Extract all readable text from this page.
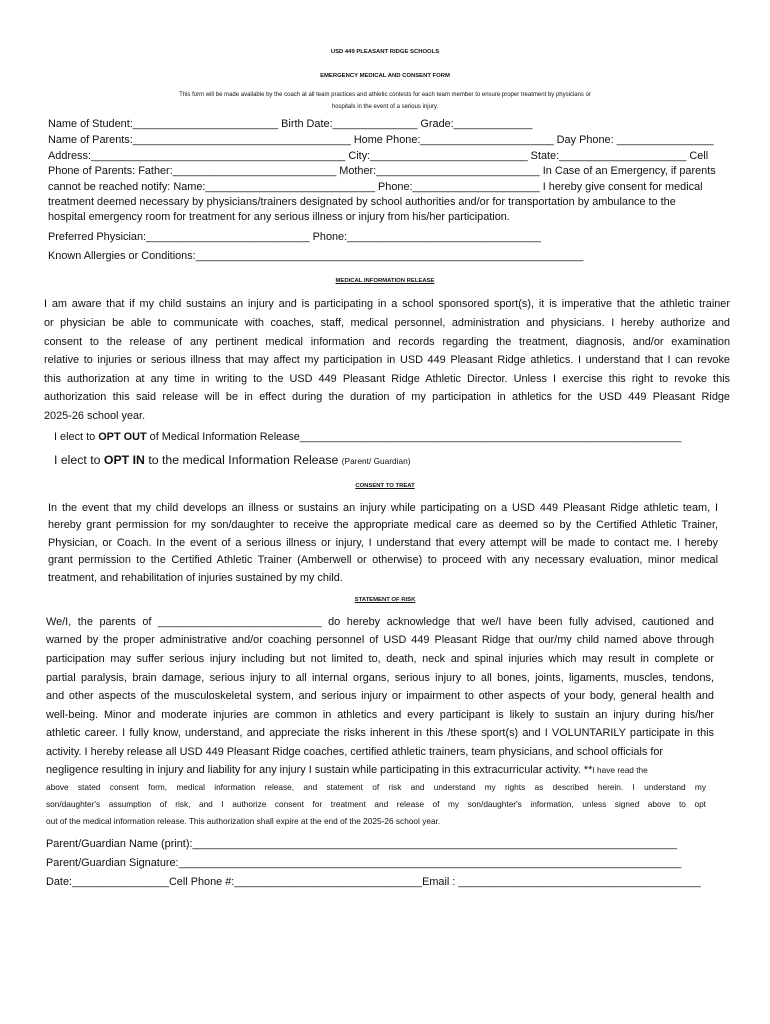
USD 449 PLEASANT RIDGE SCHOOLS
EMERGENCY MEDICAL AND CONSENT FORM
This form will be made available by the coach at all team practices and athletic contests for each team member to ensure proper treatment by physicians or
hospitals in the event of a serious injury.
Name of Student:________________________ Birth Date:______________ Grade:_____________
Name of Parents:____________________________________ Home Phone:______________________ Day Phone: ________________
Address:__________________________________________ City:__________________________ State:_____________________ Cell
Phone of Parents: Father:___________________________ Mother:___________________________ In Case of an Emergency, if parents
cannot be reached notify: Name:____________________________ Phone:_____________________ I hereby give consent for medical
treatment deemed necessary by physicians/trainers designated by school authorities and/or for transportation by ambulance to the
hospital emergency room for treatment for any serious illness or injury from his/her participation.
Preferred Physician:___________________________ Phone:________________________________
Known Allergies or Conditions:________________________________________________________________
MEDICAL INFORMATION RELEASE
I am aware that if my child sustains an injury and is participating in a school sponsored sport(s), it is imperative that the athletic trainer
or physician be able to communicate with coaches, staff, medical personnel, administration and physicians. I hereby authorize and
consent to the release of any pertinent medical information and records regarding the treatment, diagnosis, and/or examination
relative to injuries or serious illness that may affect my participation in USD 449 Pleasant Ridge athletics. I understand that I can revoke
this authorization at any time in writing to the USD 449 Pleasant Ridge Athletic Director. Unless I exercise this right to revoke this
authorization this said release will be in effect during the duration of my participation in athletics for the USD 449 Pleasant Ridge
2025-26 school year.
I elect to OPT OUT of Medical Information Release_______________________________________________________________
I elect to OPT IN to the medical Information Release (Parent/ Guardian)
CONSENT TO TREAT
In the event that my child develops an illness or sustains an injury while participating on a USD 449 Pleasant Ridge athletic team, I
hereby grant permission for my son/daughter to receive the appropriate medical care as deemed so by the Certified Athletic Trainer,
Physician, or Coach. In the event of a serious illness or injury, I understand that every attempt will be made to contact me. I hereby
grant permission to the Certified Athletic Trainer (Amberwell or otherwise) to proceed with any necessary evaluation, minor medical
treatment, and rehabilitation of injuries sustained by my child.
STATEMENT OF RISK
We/I, the parents of ___________________________ do hereby acknowledge that we/I have been fully advised, cautioned and
warned by the proper administrative and/or coaching personnel of USD 449 Pleasant Ridge that our/my child named above through
participation may suffer serious injury including but not limited to, death, neck and spinal injuries which may result in complete or
partial paralysis, brain damage, serious injury to all internal organs, serious injury to all bones, joints, ligaments, muscles, tendons,
and other aspects of the musculoskeletal system, and serious injury or impairment to other aspects of your body, general health and
well-being. Minor and moderate injuries are common in athletics and every participant is likely to sustain an injury during his/her
athletic career. I fully know, understand, and appreciate the risks inherent in this /these sport(s) and I VOLUNTARILY participate in this
activity. I hereby release all USD 449 Pleasant Ridge coaches, certified athletic trainers, team physicians, and school officials for
negligence resulting in injury and liability for any injury I sustain while participating in this extracurricular activity. **I have read the
above stated consent form, medical information release, and statement of risk and understand my rights as described herein. I understand my
son/daughter's assumption of risk, and I authorize consent for treatment and release of my son/daughter's information, unless signed above to opt
out of the medical information release. This authorization shall expire at the end of the 2025-26 school year.
Parent/Guardian Name (print):________________________________________________________________________________
Parent/Guardian Signature:___________________________________________________________________________________
Date:________________Cell Phone #:_______________________________Email : ________________________________________
